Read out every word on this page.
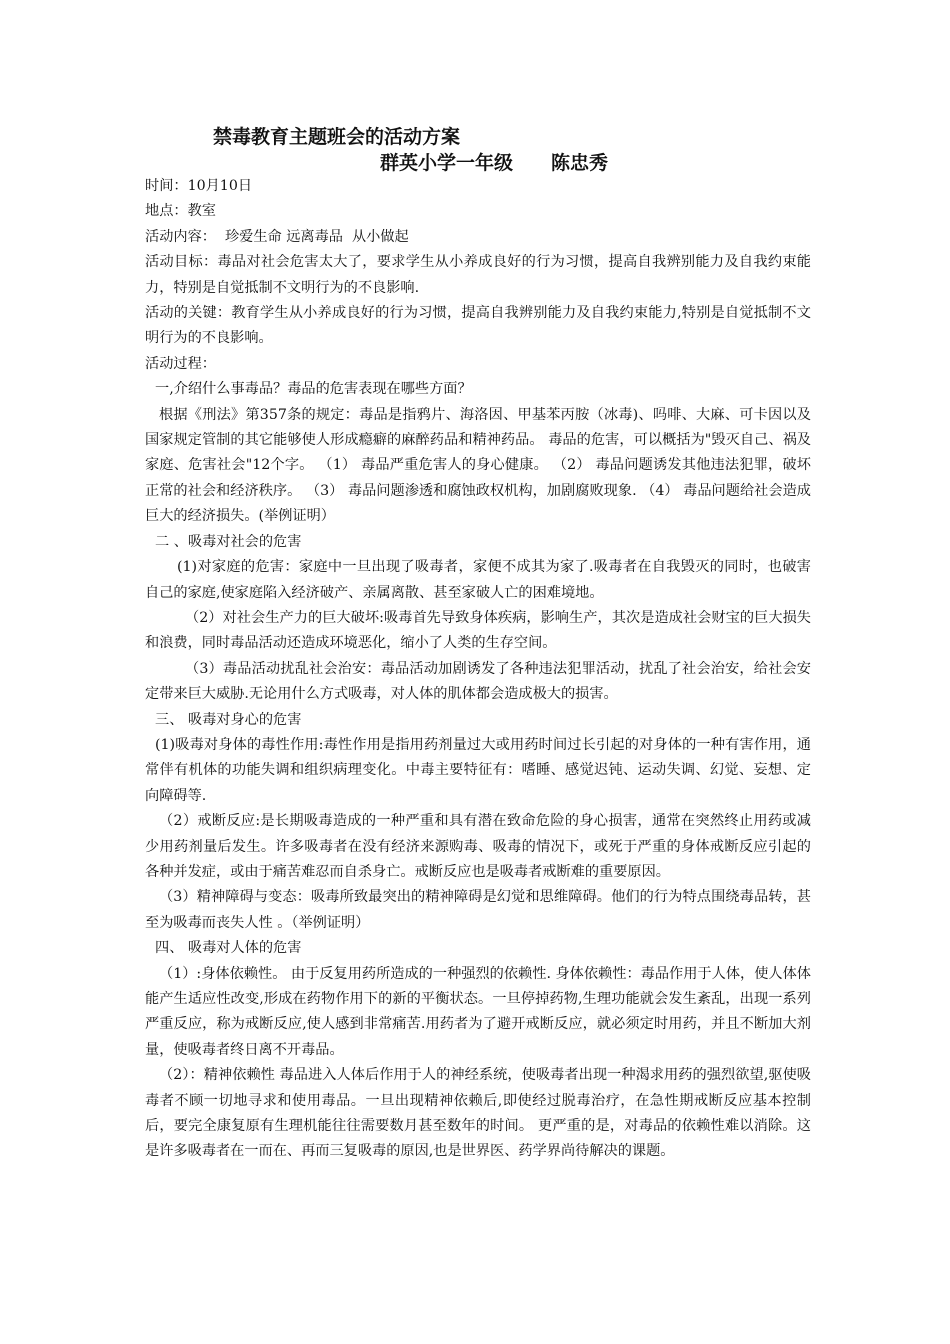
禁毒教育主题班会的活动方案
群英小学一年级 陈忠秀

时间：10月10日

地点：教室

活动内容：  珍爱生命 远离毒品  从小做起

活动目标：毒品对社会危害太大了，要求学生从小养成良好的行为习惯，提高自我辨别能力及自我约束能力，特别是自觉抵制不文明行为的不良影响.

活动的关键：教育学生从小养成良好的行为习惯，提高自我辨别能力及自我约束能力,特别是自觉抵制不文明行为的不良影响。

活动过程：

一,介绍什么事毒品？毒品的危害表现在哪些方面？

根据《刑法》第357条的规定：毒品是指鸦片、海洛因、甲基苯丙胺（冰毒)、吗啡、大麻、可卡因以及国家规定管制的其它能够使人形成瘾癖的麻醉药品和精神药品。 毒品的危害，可以概括为"毁灭自己、祸及家庭、危害社会"12个字。 （1） 毒品严重危害人的身心健康。 （2） 毒品问题诱发其他违法犯罪，破坏正常的社会和经济秩序。 （3） 毒品问题渗透和腐蚀政权机构，加剧腐败现象. （4） 毒品问题给社会造成巨大的经济损失。(举例证明）

二 、吸毒对社会的危害

(1)对家庭的危害：家庭中一旦出现了吸毒者，家便不成其为家了.吸毒者在自我毁灭的同时，也破害自己的家庭,使家庭陷入经济破产、亲属离散、甚至家破人亡的困难境地。

（2）对社会生产力的巨大破坏:吸毒首先导致身体疾病，影响生产，其次是造成社会财宝的巨大损失和浪费，同时毒品活动还造成环境恶化，缩小了人类的生存空间。

（3）毒品活动扰乱社会治安：毒品活动加剧诱发了各种违法犯罪活动，扰乱了社会治安，给社会安定带来巨大威胁.无论用什么方式吸毒，对人体的肌体都会造成极大的损害。

三、 吸毒对身心的危害

(1)吸毒对身体的毒性作用:毒性作用是指用药剂量过大或用药时间过长引起的对身体的一种有害作用，通常伴有机体的功能失调和组织病理变化。中毒主要特征有：嗜睡、感觉迟钝、运动失调、幻觉、妄想、定向障碍等.

（2）戒断反应:是长期吸毒造成的一种严重和具有潜在致命危险的身心损害，通常在突然终止用药或减少用药剂量后发生。许多吸毒者在没有经济来源购毒、吸毒的情况下，或死于严重的身体戒断反应引起的各种并发症，或由于痛苦难忍而自杀身亡。戒断反应也是吸毒者戒断难的重要原因。

（3）精神障碍与变态：吸毒所致最突出的精神障碍是幻觉和思维障碍。他们的行为特点围绕毒品转，甚至为吸毒而丧失人性 。（举例证明）

四、 吸毒对人体的危害

（1）:身体依赖性。 由于反复用药所造成的一种强烈的依赖性. 身体依赖性：毒品作用于人体，使人体体能产生适应性改变,形成在药物作用下的新的平衡状态。一旦停掉药物,生理功能就会发生紊乱，出现一系列严重反应，称为戒断反应,使人感到非常痛苦.用药者为了避开戒断反应，就必须定时用药，并且不断加大剂量，使吸毒者终日离不开毒品。

（2）：精神依赖性 毒品进入人体后作用于人的神经系统，使吸毒者出现一种渴求用药的强烈欲望,驱使吸毒者不顾一切地寻求和使用毒品。一旦出现精神依赖后,即使经过脱毒治疗，在急性期戒断反应基本控制后，要完全康复原有生理机能往往需要数月甚至数年的时间。 更严重的是，对毒品的依赖性难以消除。这是许多吸毒者在一而在、再而三复吸毒的原因,也是世界医、药学界尚待解决的课题。
